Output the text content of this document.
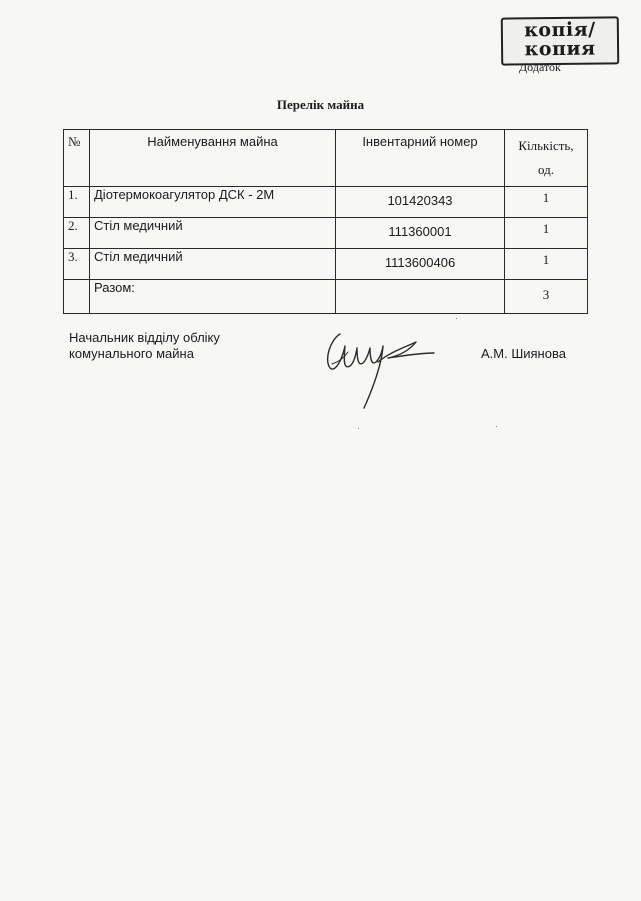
копія/
копия
Додаток
Перелік майна
№	Найменування майна	Інвентарний номер	Кількість,
од.
1.	Діотермокоагулятор ДСК - 2М	101420343	1
2.	Стіл медичний	111360001	1
3.	Стіл медичний	1113600406	1
	Разом:		3
Начальник відділу обліку
комунального майна	А.М. Шиянова
